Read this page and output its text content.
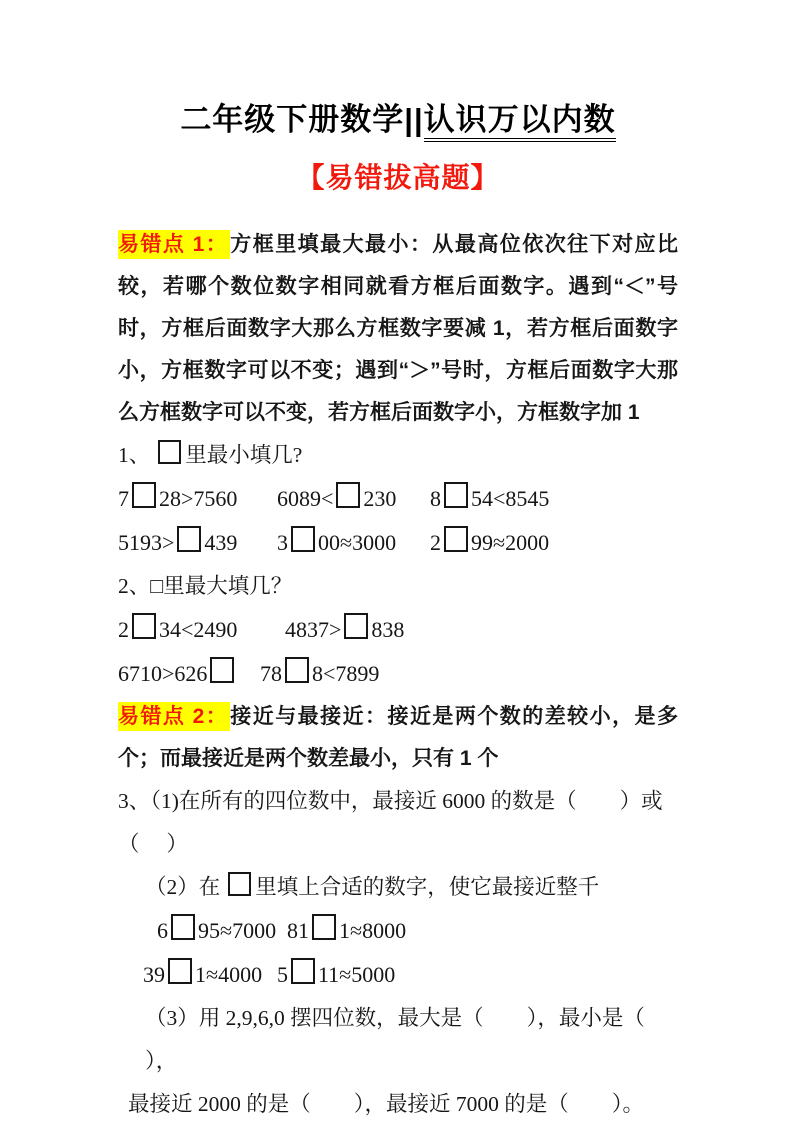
二年级下册数学||认识万以内数
【易错拔高题】

易错点 1：方框里填最大最小：从最高位依次往下对应比较，若哪个数位数字相同就看方框后面数字。遇到“＜”号时，方框后面数字大那么方框数字要减 1，若方框后面数字小，方框数字可以不变；遇到“＞”号时，方框后面数字大那么方框数字可以不变，若方框后面数字小，方框数字加 1

1、 里最小填几?
7 28>7560	6089< 230	8 54<8545
5193> 439	3 00≈3000	2 99≈2000
2、□里最大填几？
2 34<2490	4837> 838
6710>626	78 8<7899

易错点 2：接近与最接近：接近是两个数的差较小，是多个；而最接近是两个数差最小，只有 1 个

3、（1)在所有的四位数中，最接近 6000 的数是（        ）或（     ）
（2）在 里填上合适的数字，使它最接近整千
6 95≈7000 81 1≈8000
39 1≈4000 5 11≈5000
（3）用 2,9,6,0 摆四位数，最大是（        ），最小是（        ），
最接近 2000 的是（        ），最接近 7000 的是（        ）。
